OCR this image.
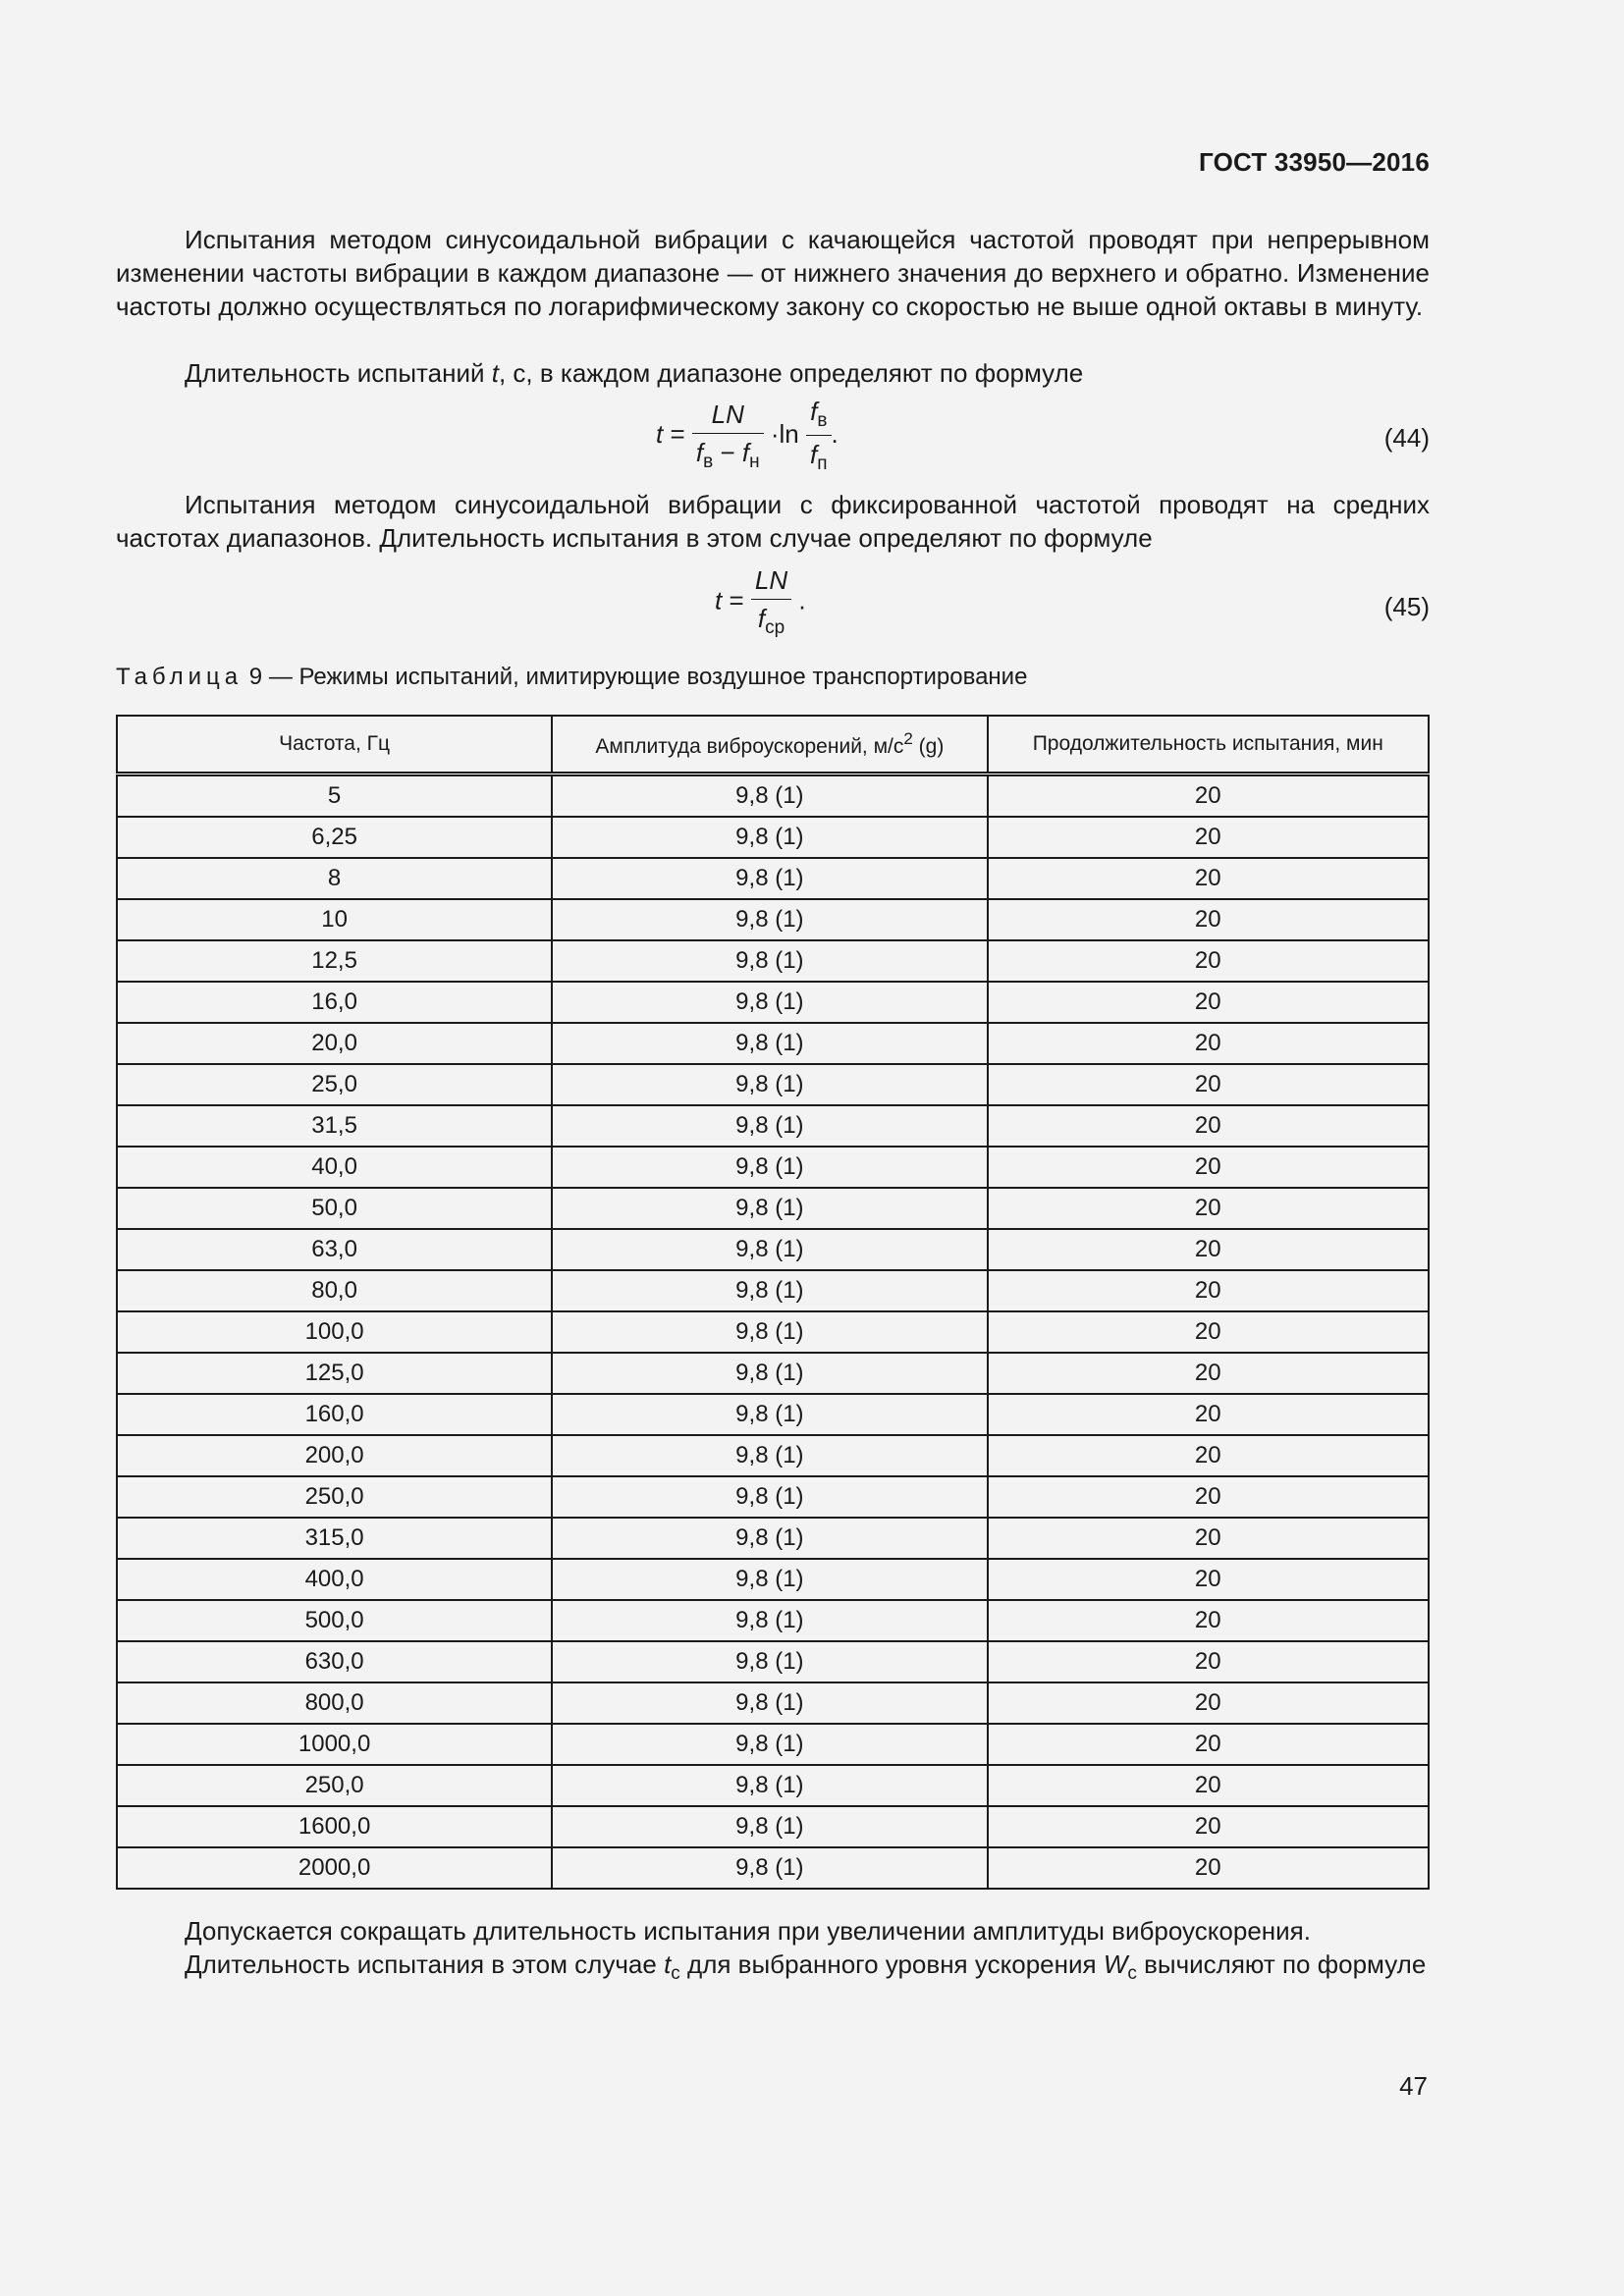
ГОСТ 33950—2016
Испытания методом синусоидальной вибрации с качающейся частотой проводят при непрерывном изменении частоты вибрации в каждом диапазоне — от нижнего значения до верхнего и обратно. Изменение частоты должно осуществляться по логарифмическому закону со скоростью не выше одной октавы в минуту.
Длительность испытаний t, с, в каждом диапазоне определяют по формуле
$t = \frac{LN}{f_в - f_н} \cdot\ln \frac{f_в}{f_п}$ .	(44)
Испытания методом синусоидальной вибрации с фиксированной частотой проводят на средних частотах диапазонов. Длительность испытания в этом случае определяют по формуле
$t = \frac{LN}{f_{ср}}$ .	(45)
Таблица 9 — Режимы испытаний, имитирующие воздушное транспортирование
Частота, Гц	Амплитуда виброускорений, $м/с^2$ (g)	Продолжительность испытания, мин
5	9,8 (1)	20
6,25	9,8 (1)	20
8	9,8 (1)	20
10	9,8 (1)	20
12,5	9,8 (1)	20
16,0	9,8 (1)	20
20,0	9,8 (1)	20
25,0	9,8 (1)	20
31,5	9,8 (1)	20
40,0	9,8 (1)	20
50,0	9,8 (1)	20
63,0	9,8 (1)	20
80,0	9,8 (1)	20
100,0	9,8 (1)	20
125,0	9,8 (1)	20
160,0	9,8 (1)	20
200,0	9,8 (1)	20
250,0	9,8 (1)	20
315,0	9,8 (1)	20
400,0	9,8 (1)	20
500,0	9,8 (1)	20
630,0	9,8 (1)	20
800,0	9,8 (1)	20
1000,0	9,8 (1)	20
250,0	9,8 (1)	20
1600,0	9,8 (1)	20
2000,0	9,8 (1)	20
Допускается сокращать длительность испытания при увеличении амплитуды виброускорения.
Длительность испытания в этом случае $t_с$ для выбранного уровня ускорения $W_с$ вычисляют по формуле
47
